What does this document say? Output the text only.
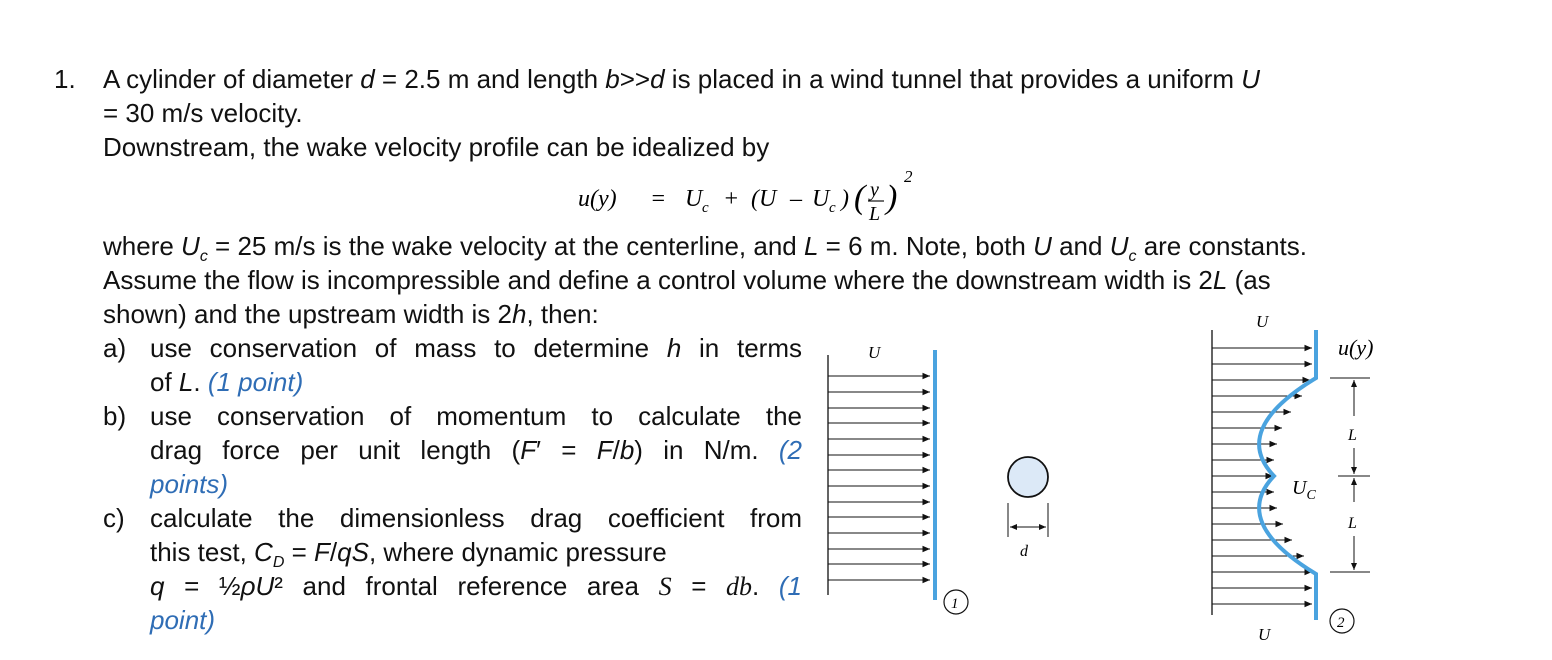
1. A cylinder of diameter d = 2.5 m and length b>>d is placed in a wind tunnel that provides a uniform U
= 30 m/s velocity.
Downstream, the wake velocity profile can be idealized by
u(y) = U c + (U – U c ) ( y
L )
2
where $U_c = 25$ m/s is the wake velocity at the centerline, and L = 6 m. Note, both U and $U_c$ are constants.
Assume the flow is incompressible and define a control volume where the downstream width is 2L (as
shown) and the upstream width is 2h, then:
a) use conservation of mass to determine h in terms
of L. (1 point)
b) use conservation of momentum to calculate the
drag force per unit length (F′ = F/b) in N/m. (2
points)
c) calculate the dimensionless drag coefficient from
this test, $C_D = F/qS$, where dynamic pressure
q = ½ρU² and frontal reference area S = db. (1
point)
U
1
d
U
U
u(y)
$U_C$
2
L
L
